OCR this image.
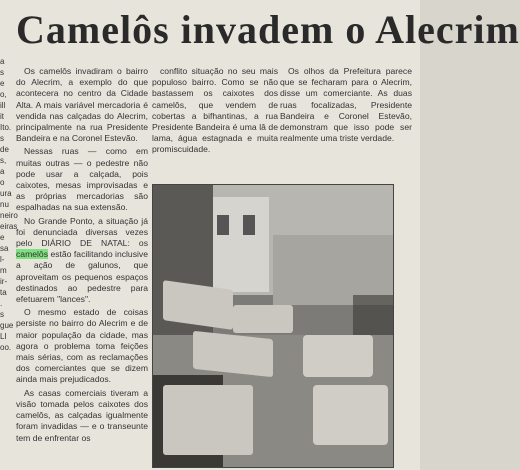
a
s
e
o,
ill
it
Ito.
s de
s,
a
o
ura
nu
neiro
eiras
e
sa
l-
m
ir-
ta
.
s
gue
LI
oo.
Camelôs invadem o Alecrim

Os camelôs invadiram o bairro do Alecrim, a exemplo do que acontecera no centro da Cidade Alta. A mais variável mercadoria é vendida nas calçadas do Alecrim, principalmente na rua Presidente Bandeira e na Coronel Estevão.

Nessas ruas — como em muitas outras — o pedestre não pode usar a calçada, pois caixotes, mesas improvisadas e as próprias mercadorias são espalhadas na sua extensão.

No Grande Ponto, a situação já foi denunciada diversas vezes pelo DIÁRIO DE NATAL: os camelôs estão facilitando inclusive a ação de galunos, que aproveitam os pequenos espaços destinados ao pedestre para efetuarem "lances".

O mesmo estado de coisas persiste no bairro do Alecrim e de maior população da cidade, mas agora o problema toma feições mais sérias, com as reclamações dos comerciantes que se dizem ainda mais prejudicados.

As casas comerciais tiveram a visão tomada pelos caixotes dos camelôs, as calçadas igualmente foram invadidas — e o transeunte tem de enfrentar os

conflito situação no seu mais populoso bairro. Como se não bastassem os caixotes dos camelôs, que vendem de cobertas a bifhantinas, a rua Presidente Bandeira é uma lâ de lama, água estagnada e muita promiscuidade.

Os olhos da Prefeitura parece que se fecharam para o Alecrim, disse um comerciante. As duas ruas focalizadas, Presidente Bandeira e Coronel Estevão, demonstram que isso pode ser realmente uma triste verdade.
